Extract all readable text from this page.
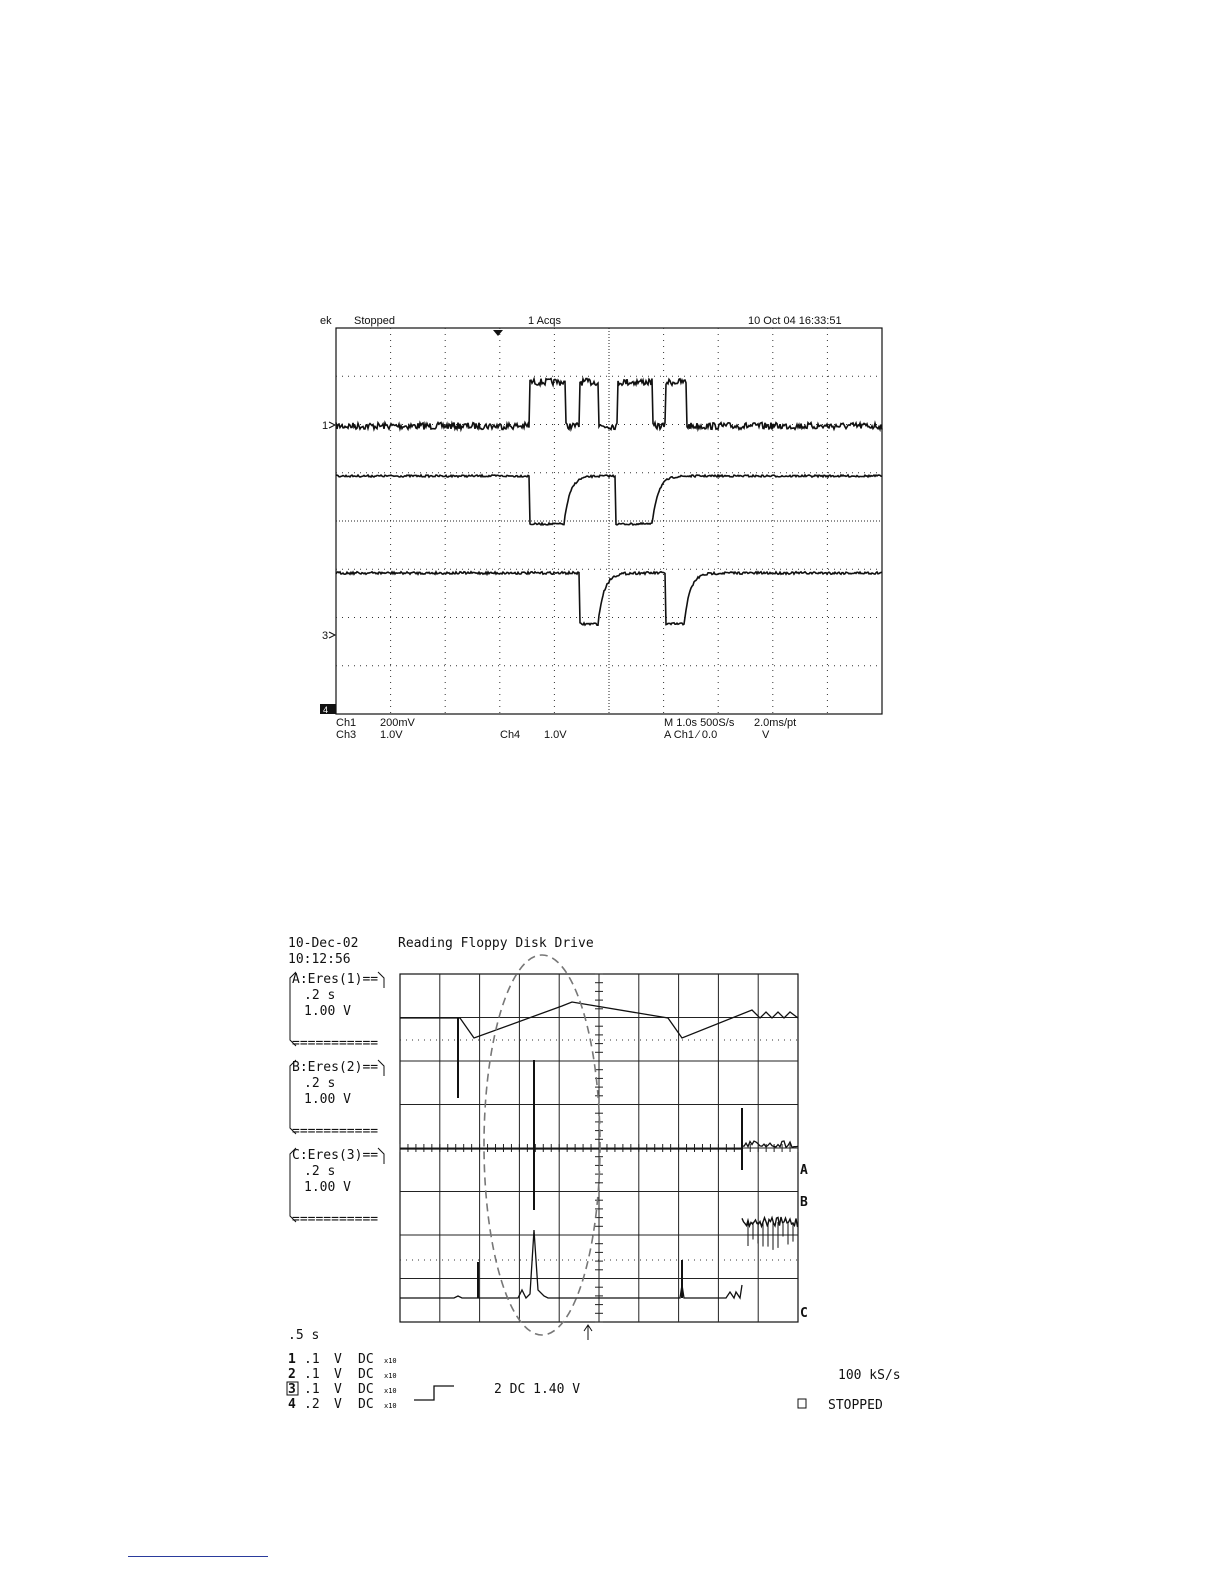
ek Stopped	1 Acqs	10 Oct 04 16:33:51
1
3
4
Ch1 200mV
Ch3 1.0V	Ch4 1.0V
M 1.0s 500S/s 2.0ms/pt
A Ch1 ∕ 0.0	V
10-Dec-02
10:12:56
Reading Floppy Disk Drive
A:Eres(1)==
.2 s
1.00 V
===========
B:Eres(2)==
.2 s
1.00 V
===========
C:Eres(3)==
.2 s
1.00 V
===========
A
B
C
.5 s
1 .1 V DC x10
2 .1 V DC x10
3 .1 V DC x10
4 .2 V DC x10
2 DC 1.40 V
100 kS/s
STOPPED
